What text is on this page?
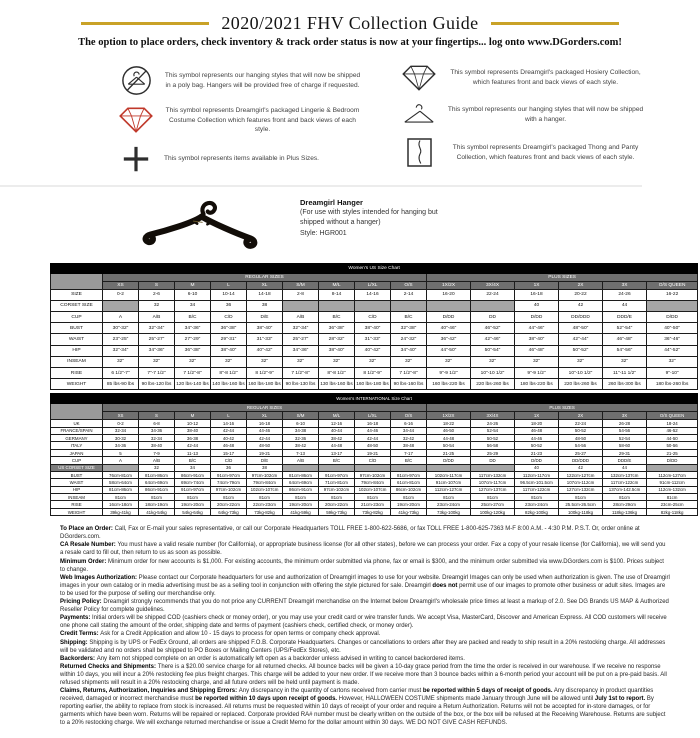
2020/2021 FHV Collection Guide
The option to place orders, check inventory & track order status is now at your fingertips... log onto www.DGorders.com!
This symbol represents our hanging styles that will now be shipped in a poly bag. Hangers will be provided free of charge if requested.
This symbol represents Dreamgirl's packaged Lingerie & Bedroom Costume Collection which features front and back views of each style.
This symbol represents items available in Plus Sizes.
This symbol represents Dreamgirl's packaged Hosiery Collection, which features front and back views of each style.
This symbol represents our hanging styles that will now be shipped with a hanger.
This symbol represents Dreamgirl's packaged Thong and Panty Collection, which features front and back views of each style.
Dreamgirl Hanger
(For use with styles intended for hanging but shipped without a hanger)
Style: HGR001
Women's US Size Chart															
	REGULAR SIZES									PLUS SIZES					
	XS	S	M	L	XL	S/M	M/L	L/XL	O/S	1X/2X	3X/4X	1X	2X	3X	O/S QUEEN
SIZE	0-2	2-6	6-10	10-14	14-18	2-8	8-14	14-16	2-14	16-20	22-24	16-18	20-22	24-26	16-22
CORSET SIZE		32	34	36	38							40	42	44	
CUP	A	A/B	B/C	C/D	D/E	A/B	B/C	C/D	B/C	D/DD	DD	D/DD	DD/DDD	DDD/E	D/DD
BUST	30"-32"	32"-34"	34"-36"	36"-38"	38"-40"	32"-34"	36"-38"	38"-40"	32"-38"	40"-46"	46"-52"	44"-46"	48"-50"	52"-54"	40"-50"
WAIST	23"-25"	25"-27"	27"-29"	29"-31"	31"-33"	25"-27"	28"-32"	31"-33"	24"-32"	36"-42"	42"-46"	38"-40"	42"-44"	46"-48"	36"-46"
HIP	32"-34"	34"-36"	36"-38"	38"-40"	40"-42"	34"-36"	38"-40"	40"-42"	34"-40"	44"-50"	50"-54"	46"-48"	50"-52"	54"-56"	44"-52"
INSEAM	32"	32"	32"	32"	32"	32"	32"	32"	32"	32"	32"	32"	32"	32"	32"
RISE	6 1/2"-7"	7"-7 1/2"	7 1/2"-8"	8"-8 1/2"	8 1/2"-9"	7 1/2"-8"	8"-8 1/2"	8 1/2"-9"	7 1/2"-8"	9"-9 1/2"	10"-10 1/2"	9"-9 1/2"	10"-10 1/2"	11"-11 1/2"	9"-10"
WEIGHT	85 lbs-90 lbs	90 lbs-120 lbs	120 lbs-140 lbs	140 lbs-160 lbs	160 lbs-180 lbs	90 lbs-130 lbs	130 lbs-160 lbs	160 lbs-180 lbs	90 lbs-160 lbs	160 lbs-220 lbs	220 lbs-260 lbs	180 lbs-220 lbs	220 lbs-260 lbs	260 lbs-300 lbs	180 lbs-260 lbs
Women's INTERNATIONAL Size Chart															
	REGULAR SIZES									PLUS SIZES					
	XS	S	M	L	XL	S/M	M/L	L/XL	O/S	1X/2X	3X/4X	1X	2X	3X	O/S QUEEN
UK	0-2	6-8	10-12	14-16	16-18	6-10	12-16	16-18	6-16	18-22	24-26	18-20	22-24	26-28	18-24
FRANCE/SPAIN	32-34	34-36	38-40	42-44	44-46	34-38	40-44	44-46	34-44	46-50	52-54	46-48	50-52	54-56	46-52
GERMANY	30-32	32-34	36-38	40-42	42-44	32-36	38-42	42-44	32-42	44-48	50-52	44-46	48-50	52-54	44-50
ITALY	34-36	38-40	42-44	46-48	48-50	38-42	44-48	48-50	38-48	50-54	56-58	50-52	54-56	58-60	50-56
JAPAN	5	7-9	11-13	15-17	19-21	7-13	13-17	19-21	7-17	21-25	25-29	21-23	25-27	29-31	21-25
CUP	A	A/B	B/C	C/D	D/E	A/B	B/C	C/D	B/C	D/DD	DD	D/DD	DD/DDD	DDD/E	D/DD
US CORSET SIZE		32	34	36	38							40	42	44	
BUST	76cm-81cm	81cm-86cm	86cm-91cm	91cm-97cm	97cm-102cm	81cm-86cm	91cm-97cm	97cm-102cm	81cm-97cm	102cm-117cm	117cm-132cm	112cm-117cm	122cm-127cm	132cm-137cm	112cm-127cm
WAIST	58cm-64cm	64cm-69cm	69cm-74cm	74cm-79cm	79cm-84cm	64cm-69cm	71cm-81cm	79cm-84cm	61cm-81cm	91cm-107cm	107cm-117cm	96.5cm-101.5cm	107cm-112cm	117cm-122cm	91cm-112cm
HIP	81cm-86cm	86cm-91cm	91cm-97cm	97cm-102cm	102cm-107cm	86cm-91cm	97cm-102cm	102cm-107cm	86cm-102cm	112cm-127cm	127cm-137cm	117cm-122cm	127cm-132cm	137cm-142.5cm	112cm-132cm
INSEAM	81cm	81cm	81cm	81cm	81cm	81cm	81cm	81cm	81cm	81cm	81cm	81cm	81cm	81cm	81cm
RISE	16cm-18cm	18cm-19cm	19cm-20cm	20cm-22cm	22cm-23cm	19cm-20cm	20cm-22cm	21cm-23cm	19cm-20cm	23cm-24cm	25cm-27cm	23cm-24cm	25.5cm-26.5cm	28cm-29cm	23cm-25cm
WEIGHT	39kg-41kg	41kg-54kg	54kg-64kg	64kg-73kg	73kg-82kg	41kg-59kg	59kg-73kg	73kg-82kg	41kg-73kg	73kg-100kg	100kg-120kg	82kg-100kg	100kg-118kg	118kg-136kg	82kg-118kg

To Place an Order: Call, Fax or E-mail your sales representative, or call our Corporate Headquarters TOLL FREE 1-800-622-5686, or fax TOLL FREE 1-800-625-7363 M-F 8:00 A.M. - 4:30 P.M. P.S.T. Or, order online at DGorders.com.

CA Resale Number: You must have a valid resale number (for California), or appropriate business license (for all other states), before we can process your order. Fax a copy of your resale license (for California), we will send you a resale card to fill out, then return to us as soon as possible.

Minimum Order: Minimum order for new accounts is $1,000. For existing accounts, the minimum order submitted via phone, fax or email is $300, and the minimum order submitted via www.DGorders.com is $100. Prices subject to change.

Web Images Authorization: Please contact our Corporate headquarters for use and authorization of Dreamgirl images to use for your website. Dreamgirl Images can only be used when authorization is given. The use of Dreamgirl images in your own catalog or in media advertising must be as a selling tool in conjunction with offering the style pictured for sale. Dreamgirl does not permit use of our images to promote other business or adult sites. Images are to be used for the purpose of selling our merchandise only.

Pricing Policy: Dreamgirl strongly recommends that you do not price any CURRENT Dreamgirl merchandise on the Internet below Dreamgirl's wholesale price times at least a markup of 2.0. See DG Brands US MAP & Authorized Reseller Policy for complete guidelines.

Payments: Initial orders will be shipped COD (cashiers check or money order), or you may use your credit card or wire transfer funds. We accept Visa, MasterCard, Discover and American Express. All COD customers will receive one phone call stating the amount of the order, shipping date and terms of payment (cashiers check, certified check, or money order).

Credit Terms: Ask for a Credit Application and allow 10 - 15 days to process for open terms or company check approval.

Shipping: Shipping is by UPS or FedEx Ground, all orders are shipped F.O.B. Corporate Headquarters. Changes or cancellations to orders after they are packed and ready to ship result in a 20% restocking charge. All addresses will be validated and no orders shall be shipped to PO Boxes or Mailing Centers (UPS/FedEx Stores), etc.

Backorders: Any item not shipped complete on an order is automatically left open as a backorder unless advised in writing to cancel backordered items.

Returned Checks and Shipments: There is a $20.00 service charge for all returned checks. All bounce backs will be given a 10-day grace period from the time the order is received in our warehouse. If we receive no response within 10 days, you will incur a 20% restocking fee plus freight charges. This charge will be added to your new order. If we receive more than 3 bounce backs within a 6-month period your account will be put on a pre-paid basis. All refused shipments will result in a 20% restocking charge, and all future orders will be held until payment is made.

Claims, Returns, Authorization, Inquiries and Shipping Errors: Any discrepancy in the quantity of cartons received from carrier must be reported within 5 days of receipt of goods. Any discrepancy in product quantities received, damaged or incorrect merchandise must be reported within 10 days upon receipt of goods. However, HALLOWEEN COSTUME shipments made January through June will be allowed until July 1st to report. By reporting earlier, the ability to replace from stock is increased. All returns must be requested within 10 days of receipt of your order and require a Return Authorization. Returns will not be accepted for in-store damages, or for garments which have been worn. Returns will be repaired or replaced. Corporate provided RA# number must be clearly written on the outside of the box, or the box will be refused at the Receiving Warehouse. Returns are subject to a 20% restocking charge. We will exchange returned merchandise or issue a Credit Memo for the dollar amount within 30 days. WE DO NOT GIVE CASH REFUNDS.
